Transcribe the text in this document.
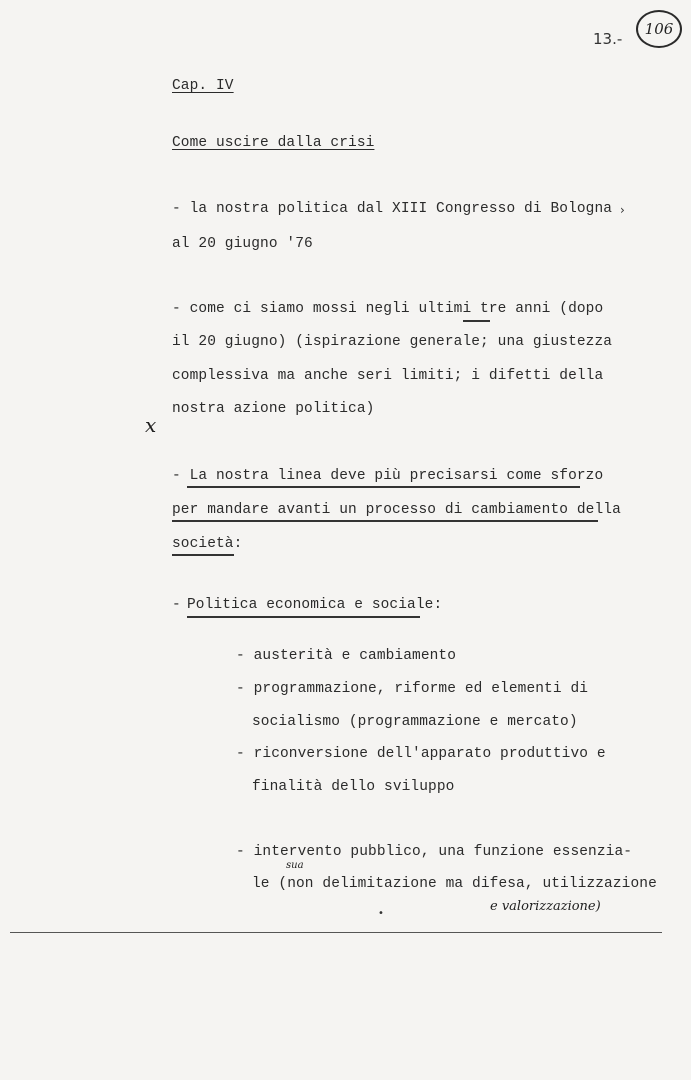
13.-
106
Cap. IV
Come uscire dalla crisi
- la nostra politica dal XIII Congresso di Bologna
al 20 giugno '76
- come ci siamo mossi negli ultimi tre anni (dopo
il 20 giugno) (ispirazione generale; una giustezza
complessiva ma anche seri limiti; i difetti della
nostra azione politica)
x
- La nostra linea deve più precisarsi come sforzo
per mandare avanti un processo di cambiamento della
società:
- Politica economica e sociale:
- austerità e cambiamento
- programmazione, riforme ed elementi di
socialismo (programmazione e mercato)
- riconversione dell'apparato produttivo e
finalità dello sviluppo
- intervento pubblico, una funzione essenzia-
sua
le (non delimitazione ma difesa, utilizzazione
e valorizzazione)
›
•
